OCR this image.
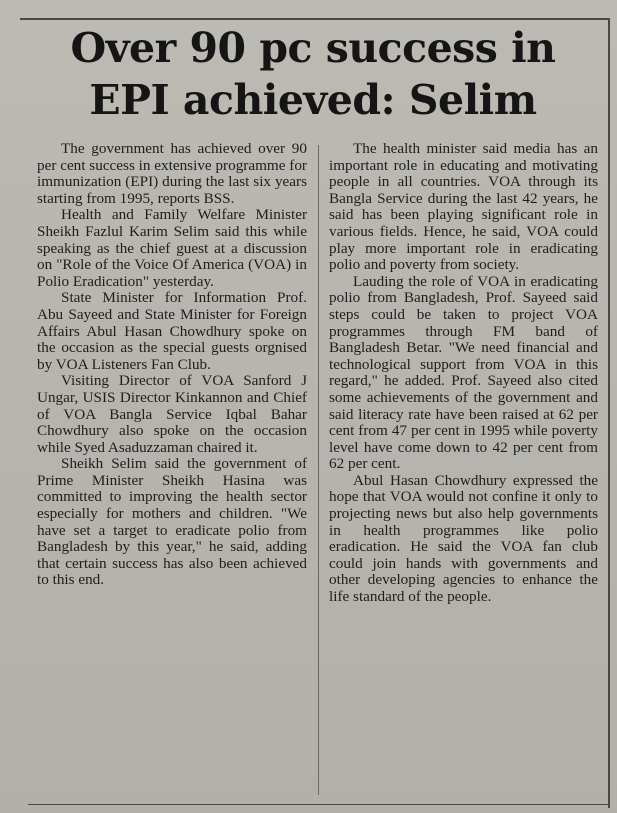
Over 90 pc success in
EPI achieved: Selim

The government has achieved over 90 per cent success in extensive programme for immunization (EPI) during the last six years starting from 1995, reports BSS.

Health and Family Welfare Minister Sheikh Fazlul Karim Selim said this while speaking as the chief guest at a discussion on "Role of the Voice Of America (VOA) in Polio Eradication" yesterday.

State Minister for Information Prof. Abu Sayeed and State Minister for Foreign Affairs Abul Hasan Chowdhury spoke on the occasion as the special guests orgnised by VOA Listeners Fan Club.

Visiting Director of VOA Sanford J Ungar, USIS Director Kinkannon and Chief of VOA Bangla Service Iqbal Bahar Chowdhury also spoke on the occasion while Syed Asaduzzaman chaired it.

Sheikh Selim said the government of Prime Minister Sheikh Hasina was committed to improving the health sector especially for mothers and children. "We have set a target to eradicate polio from Bangladesh by this year," he said, adding that certain success has also been achieved to this end.

The health minister said media has an important role in educating and motivating people in all countries. VOA through its Bangla Service during the last 42 years, he said has been playing significant role in various fields. Hence, he said, VOA could play more important role in eradicating polio and poverty from society.

Lauding the role of VOA in eradicating polio from Bangladesh, Prof. Sayeed said steps could be taken to project VOA programmes through FM band of Bangladesh Betar. "We need financial and technological support from VOA in this regard," he added. Prof. Sayeed also cited some achievements of the government and said literacy rate have been raised at 62 per cent from 47 per cent in 1995 while poverty level have come down to 42 per cent from 62 per cent.

Abul Hasan Chowdhury expressed the hope that VOA would not confine it only to projecting news but also help governments in health programmes like polio eradication. He said the VOA fan club could join hands with governments and other developing agencies to enhance the life standard of the people.
